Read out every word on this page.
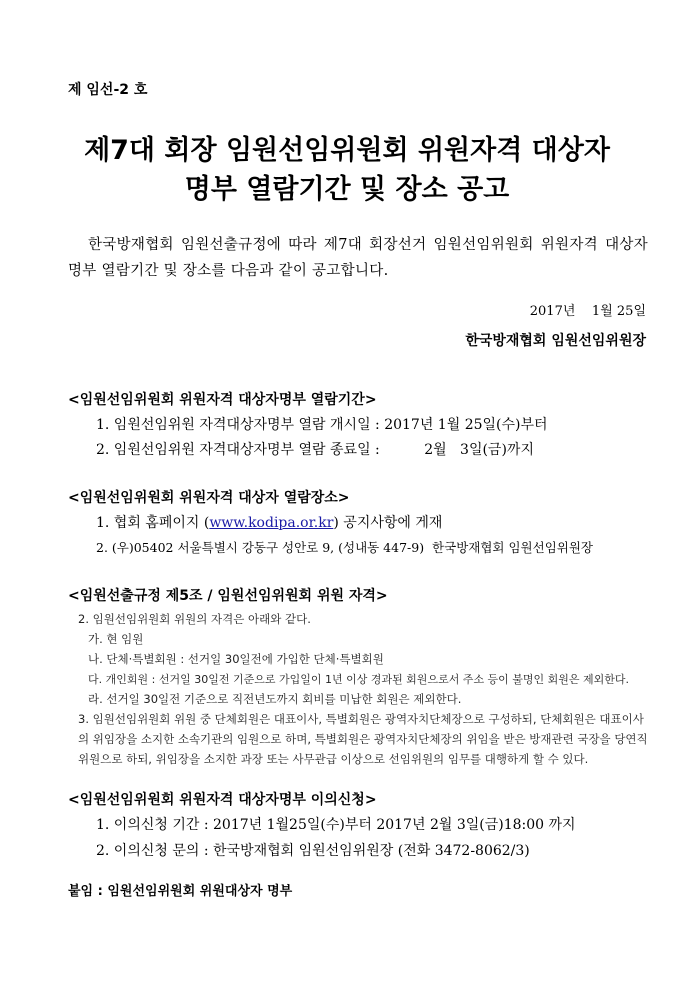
제 임선-2 호
제7대 회장 임원선임위원회 위원자격 대상자
명부 열람기간 및 장소 공고
한국방재협회 임원선출규정에 따라 제7대 회장선거 임원선임위원회 위원자격 대상자 명부 열람기간 및 장소를 다음과 같이 공고합니다.
2017년    1월 25일
한국방재협회 임원선임위원장
<임원선임위원회 위원자격 대상자명부 열람기간>
1. 임원선임위원 자격대상자명부 열람 개시일 : 2017년 1월 25일(수)부터
2. 임원선임위원 자격대상자명부 열람 종료일 :          2월   3일(금)까지
<임원선임위원회 위원자격 대상자 열람장소>
1. 협회 홈페이지 (www.kodipa.or.kr) 공지사항에 게재
2. (우)05402 서울특별시 강동구 성안로 9, (성내동 447-9)  한국방재협회 임원선임위원장
<임원선출규정 제5조 / 임원선임위원회 위원 자격>
2. 임원선임위원회 위원의 자격은 아래와 같다.
가. 현 임원
나. 단체·특별회원 : 선거일 30일전에 가입한 단체·특별회원
다. 개인회원 : 선거일 30일전 기준으로 가입일이 1년 이상 경과된 회원으로서 주소 등이 불명인 회원은 제외한다.
라. 선거일 30일전 기준으로 직전년도까지 회비를 미납한 회원은 제외한다.
3. 임원선임위원회 위원 중 단체회원은 대표이사, 특별회원은 광역자치단체장으로 구성하되, 단체회원은 대표이사의 위임장을 소지한 소속기관의 임원으로 하며, 특별회원은 광역자치단체장의 위임을 받은 방재관련 국장을 당연직위원으로 하되, 위임장을 소지한 과장 또는 사무관급 이상으로 선임위원의 임무를 대행하게 할 수 있다.
<임원선임위원회 위원자격 대상자명부 이의신청>
1. 이의신청 기간 : 2017년 1월25일(수)부터 2017년 2월 3일(금)18:00 까지
2. 이의신청 문의 : 한국방재협회 임원선임위원장 (전화 3472-8062/3)
붙임 : 임원선임위원회 위원대상자 명부
